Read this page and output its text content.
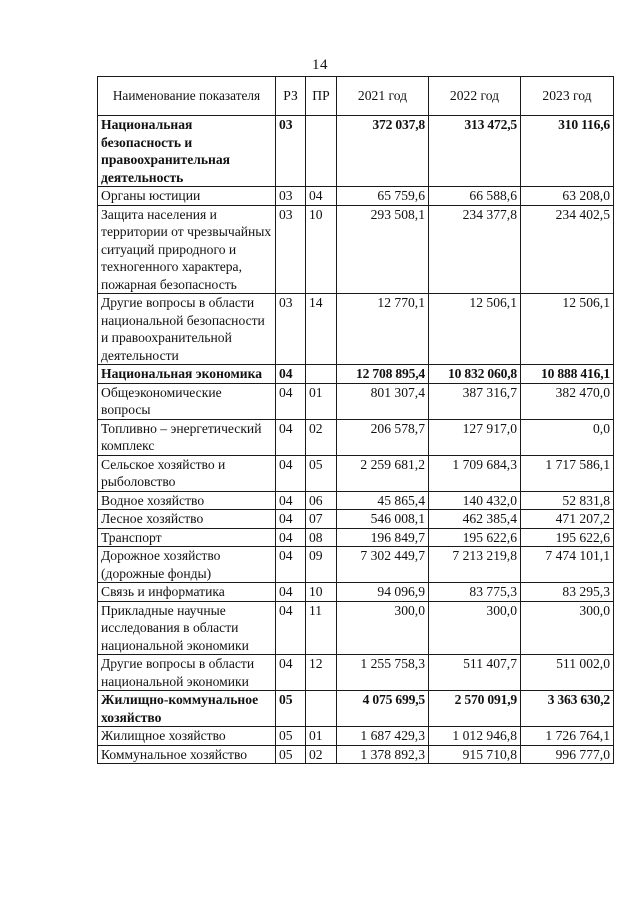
14
Наименование показателя	РЗ	ПР	2021 год	2022 год	2023 год
Национальная безопасность и правоохранительная деятельность	03		372 037,8	313 472,5	310 116,6
Органы юстиции	03	04	65 759,6	66 588,6	63 208,0
Защита населения и территории от чрезвычайных ситуаций природного и техногенного характера, пожарная безопасность	03	10	293 508,1	234 377,8	234 402,5
Другие вопросы в области национальной безопасности и правоохранительной деятельности	03	14	12 770,1	12 506,1	12 506,1
Национальная экономика	04		12 708 895,4	10 832 060,8	10 888 416,1
Общеэкономические вопросы	04	01	801 307,4	387 316,7	382 470,0
Топливно – энергетический комплекс	04	02	206 578,7	127 917,0	0,0
Сельское хозяйство и рыболовство	04	05	2 259 681,2	1 709 684,3	1 717 586,1
Водное хозяйство	04	06	45 865,4	140 432,0	52 831,8
Лесное хозяйство	04	07	546 008,1	462 385,4	471 207,2
Транспорт	04	08	196 849,7	195 622,6	195 622,6
Дорожное хозяйство (дорожные фонды)	04	09	7 302 449,7	7 213 219,8	7 474 101,1
Связь и информатика	04	10	94 096,9	83 775,3	83 295,3
Прикладные научные исследования в области национальной экономики	04	11	300,0	300,0	300,0
Другие вопросы в области национальной экономики	04	12	1 255 758,3	511 407,7	511 002,0
Жилищно-коммунальное хозяйство	05		4 075 699,5	2 570 091,9	3 363 630,2
Жилищное хозяйство	05	01	1 687 429,3	1 012 946,8	1 726 764,1
Коммунальное хозяйство	05	02	1 378 892,3	915 710,8	996 777,0
